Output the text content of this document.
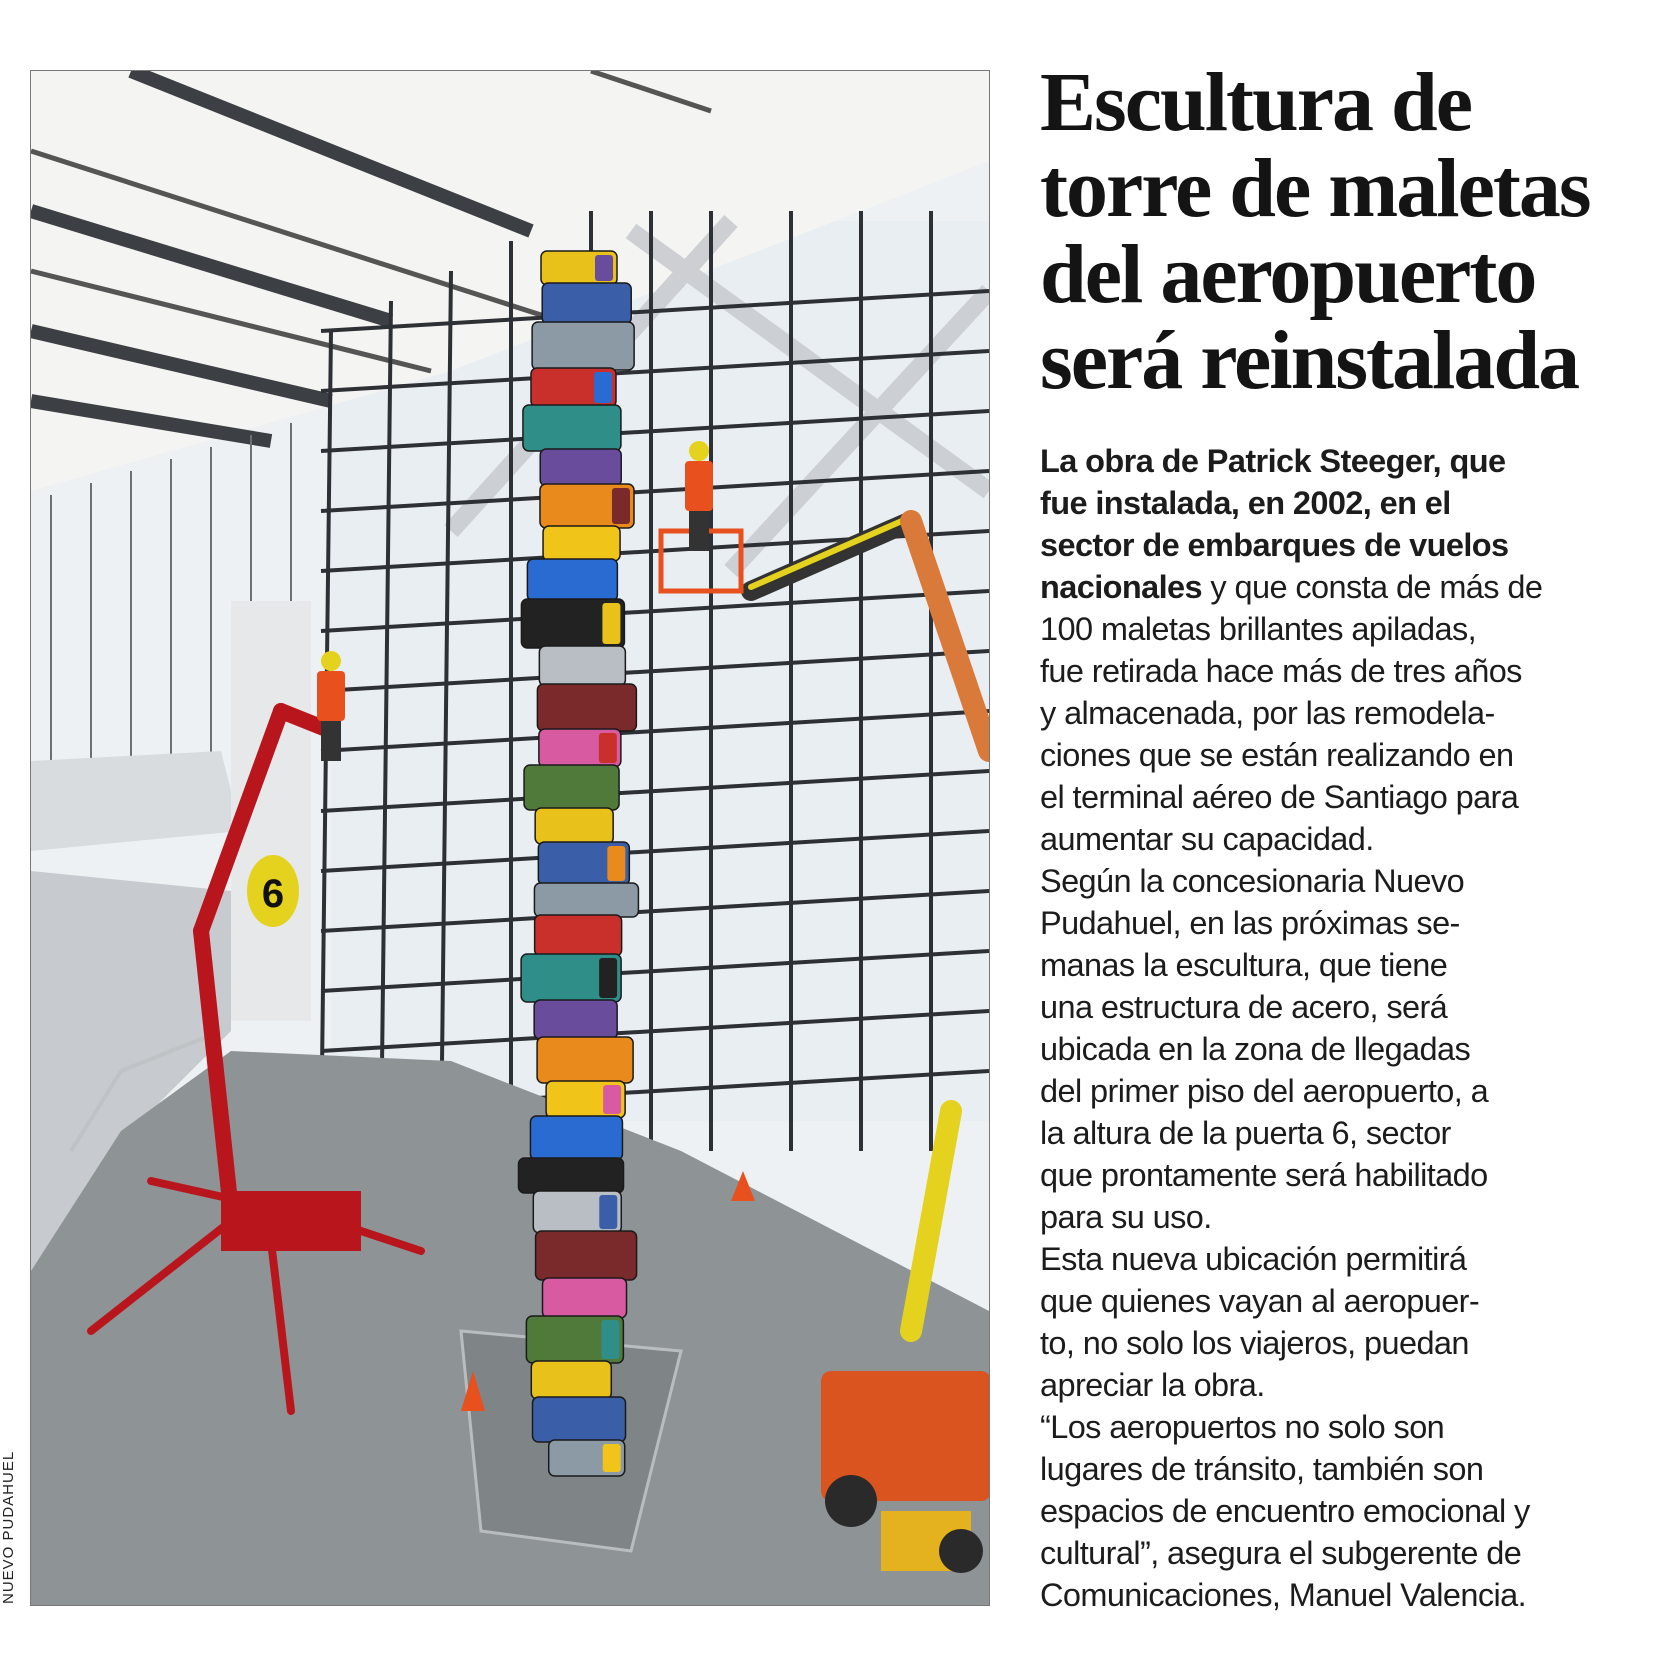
6
NUEVO PUDAHUEL
Escultura de
torre de maletas
del aeropuerto
será reinstalada
La obra de Patrick Steeger, que
fue instalada, en 2002, en el
sector de embarques de vuelos
nacionales y que consta de más de
100 maletas brillantes apiladas,
fue retirada hace más de tres años
y almacenada, por las remodela-
ciones que se están realizando en
el terminal aéreo de Santiago para
aumentar su capacidad.
Según la concesionaria Nuevo
Pudahuel, en las próximas se-
manas la escultura, que tiene
una estructura de acero, será
ubicada en la zona de llegadas
del primer piso del aeropuerto, a
la altura de la puerta 6, sector
que prontamente será habilitado
para su uso.
Esta nueva ubicación permitirá
que quienes vayan al aeropuer-
to, no solo los viajeros, puedan
apreciar la obra.
“Los aeropuertos no solo son
lugares de tránsito, también son
espacios de encuentro emocional y
cultural”, asegura el subgerente de
Comunicaciones, Manuel Valencia.
